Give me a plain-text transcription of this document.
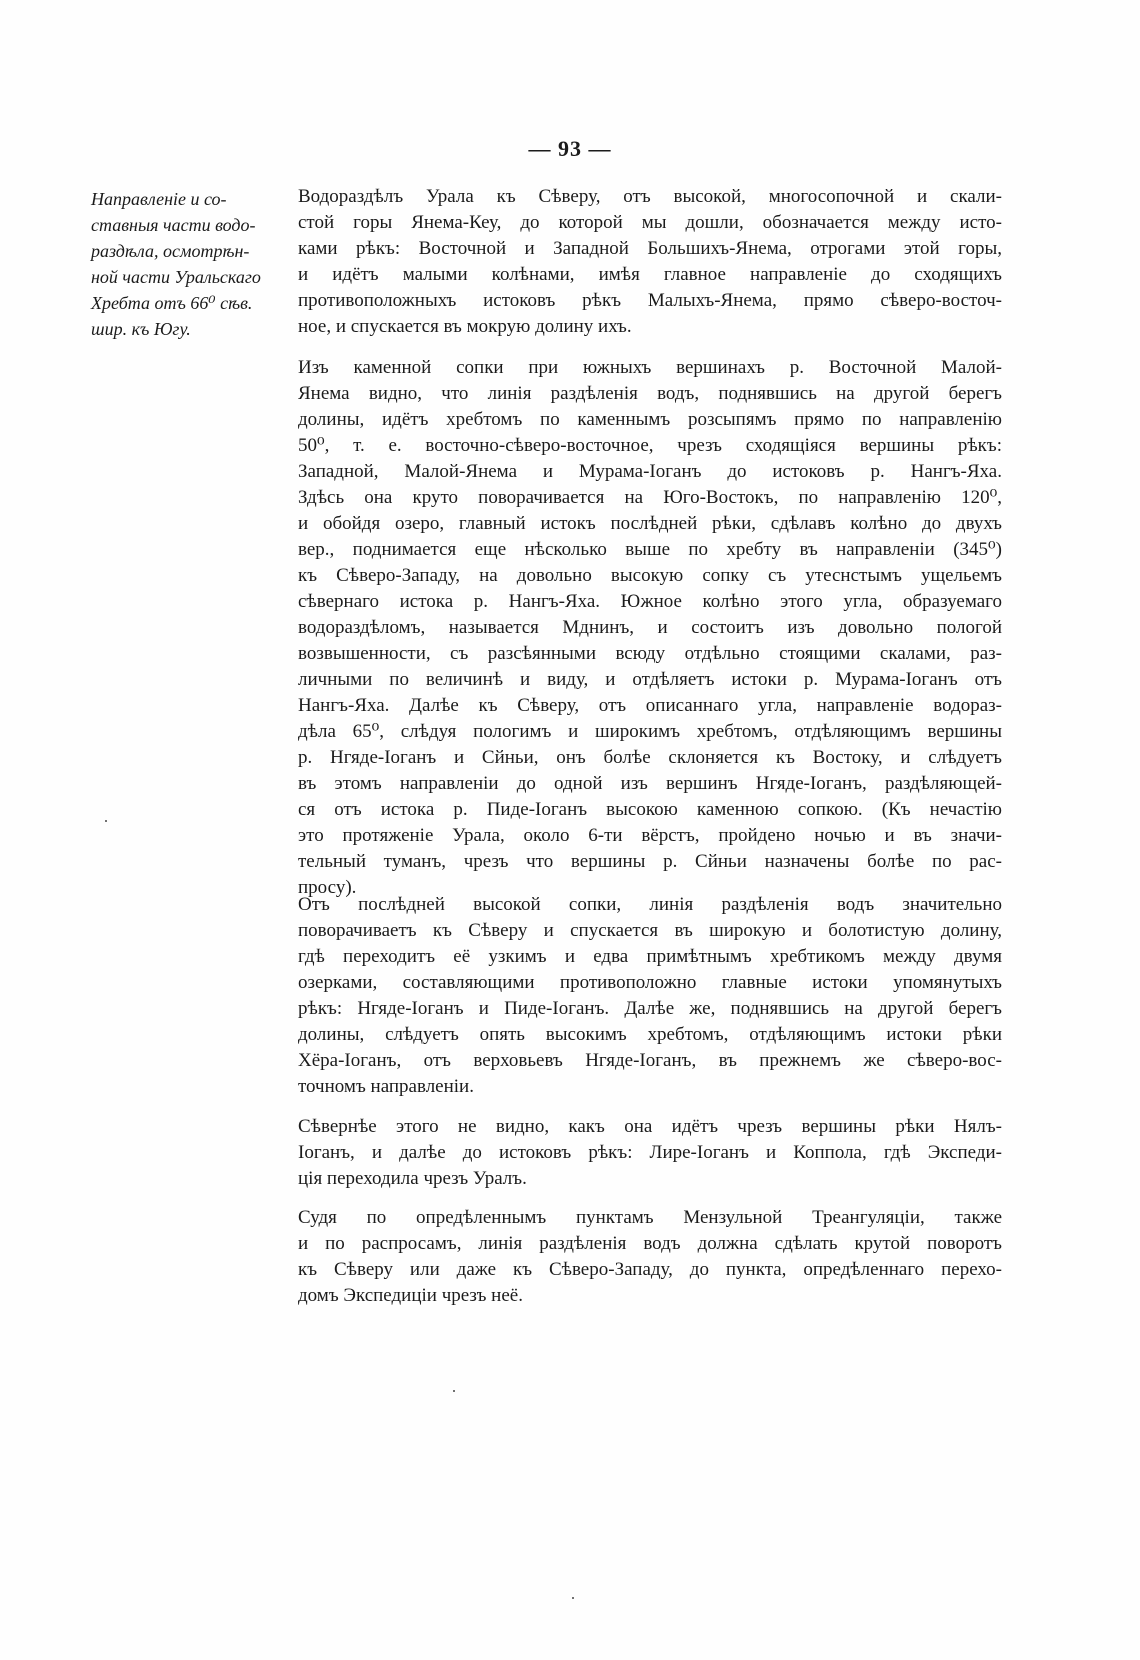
— 93 —
Направленіе и со-
ставныя части водо-
раздѣла, осмотрѣн-
ной части Уральскаго
Хребта отъ 66⁰ сѣв.
шир. къ Югу.
Водораздѣлъ Урала къ Сѣверу, отъ высокой, многосопочной и скали-
стой горы Янема-Кеу, до которой мы дошли, обозначается между исто-
ками рѣкъ: Восточной и Западной Большихъ-Янема, отрогами этой горы,
и идётъ малыми колѣнами, имѣя главное направленіе до сходящихъ
противоположныхъ истоковъ рѣкъ Малыхъ-Янема, прямо сѣверо-восточ-
ное, и спускается въ мокрую долину ихъ.
Изъ каменной сопки при южныхъ вершинахъ р. Восточной Малой-
Янема видно, что линія раздѣленія водъ, поднявшись на другой берегъ
долины, идётъ хребтомъ по каменнымъ розсыпямъ прямо по направленію
50⁰, т. е. восточно-сѣверо-восточное, чрезъ сходящіяся вершины рѣкъ:
Западной, Малой-Янема и Мурама-Іоганъ до истоковъ р. Нангъ-Яха.
Здѣсь она круто поворачивается на Юго-Востокъ, по направленію 120⁰,
и обойдя озеро, главный истокъ послѣдней рѣки, сдѣлавъ колѣно до двухъ
вер., поднимается еще нѣсколько выше по хребту въ направленіи (345⁰)
къ Сѣверо-Западу, на довольно высокую сопку съ утеснстымъ ущельемъ
сѣвернаго истока р. Нангъ-Яха. Южное колѣно этого угла, образуемаго
водораздѣломъ, называется Мднинъ, и состоитъ изъ довольно пологой
возвышенности, съ разсѣянными всюду отдѣльно стоящими скалами, раз-
личными по величинѣ и виду, и отдѣляетъ истоки р. Мурама-Іоганъ отъ
Нангъ-Яха. Далѣе къ Сѣверу, отъ описаннаго угла, направленіе водораз-
дѣла 65⁰, слѣдуя пологимъ и широкимъ хребтомъ, отдѣляющимъ вершины
р. Нгяде-Іоганъ и Сйньи, онъ болѣе склоняется къ Востоку, и слѣдуетъ
въ этомъ направленіи до одной изъ вершинъ Нгяде-Іоганъ, раздѣляющей-
ся отъ истока р. Пиде-Іоганъ высокою каменною сопкою. (Къ нечастію
это протяженіе Урала, около 6-ти вёрстъ, пройдено ночью и въ значи-
тельный туманъ, чрезъ что вершины р. Сйньи назначены болѣе по рас-
просу).
Отъ послѣдней высокой сопки, линія раздѣленія водъ значительно
поворачиваетъ къ Сѣверу и спускается въ широкую и болотистую долину,
гдѣ переходитъ её узкимъ и едва примѣтнымъ хребтикомъ между двумя
озерками, составляющими противоположно главные истоки упомянутыхъ
рѣкъ: Нгяде-Іоганъ и Пиде-Іоганъ. Далѣе же, поднявшись на другой берегъ
долины, слѣдуетъ опять высокимъ хребтомъ, отдѣляющимъ истоки рѣки
Хёра-Іоганъ, отъ верховьевъ Нгяде-Іоганъ, въ прежнемъ же сѣверо-вос-
точномъ направленіи.
Сѣвернѣе этого не видно, какъ она идётъ чрезъ вершины рѣки Нялъ-
Іоганъ, и далѣе до истоковъ рѣкъ: Лире-Іоганъ и Коппола, гдѣ Экспеди-
ція переходила чрезъ Уралъ.
Судя по опредѣленнымъ пунктамъ Мензульной Треангуляціи, также
и по распросамъ, линія раздѣленія водъ должна сдѣлать крутой поворотъ
къ Сѣверу или даже къ Сѣверо-Западу, до пункта, опредѣленнаго перехо-
домъ Экспедиціи чрезъ неё.
